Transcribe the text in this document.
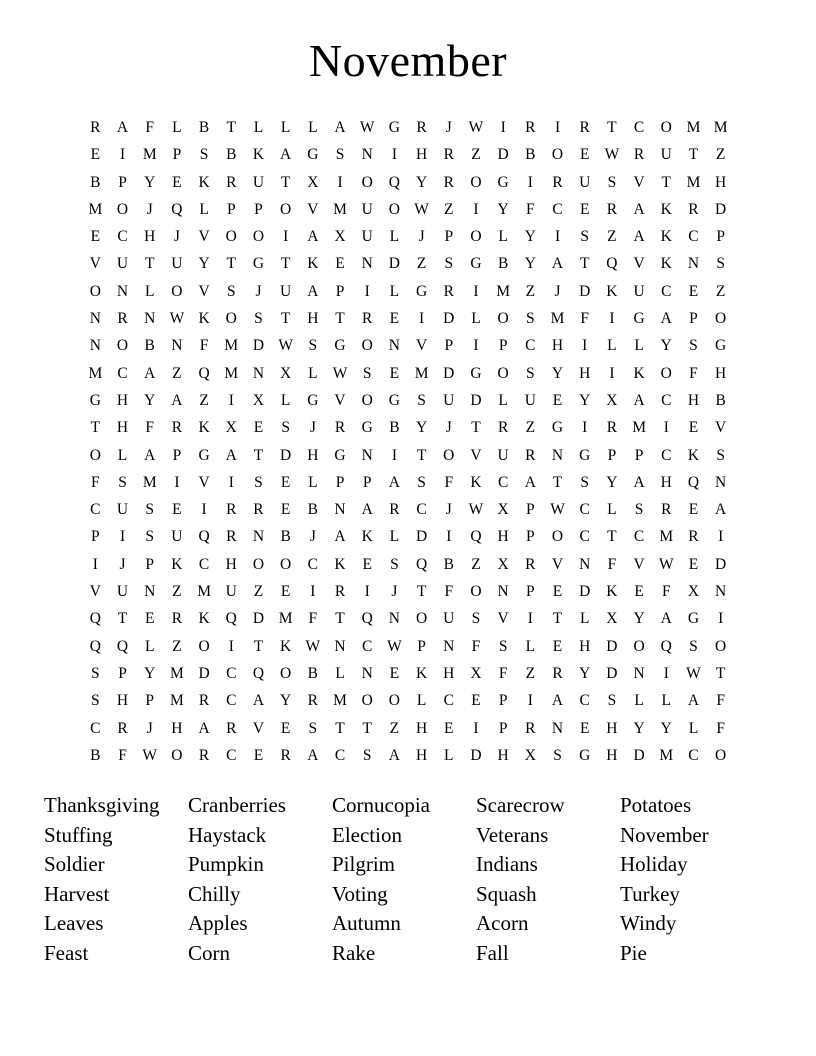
November
R	A	F	L	B	T	L	L	L	A	W	G	R	J	W	I	R	I	R	T	C	O	M	M
E	I	M	P	S	B	K	A	G	S	N	I	H	R	Z	D	B	O	E	W	R	U	T	Z
B	P	Y	E	K	R	U	T	X	I	O	Q	Y	R	O	G	I	R	U	S	V	T	M	H
M	O	J	Q	L	P	P	O	V	M	U	O	W	Z	I	Y	F	C	E	R	A	K	R	D
E	C	H	J	V	O	O	I	A	X	U	L	J	P	O	L	Y	I	S	Z	A	K	C	P
V	U	T	U	Y	T	G	T	K	E	N	D	Z	S	G	B	Y	A	T	Q	V	K	N	S
O	N	L	O	V	S	J	U	A	P	I	L	G	R	I	M	Z	J	D	K	U	C	E	Z
N	R	N	W	K	O	S	T	H	T	R	E	I	D	L	O	S	M	F	I	G	A	P	O
N	O	B	N	F	M	D	W	S	G	O	N	V	P	I	P	C	H	I	L	L	Y	S	G
M	C	A	Z	Q	M	N	X	L	W	S	E	M	D	G	O	S	Y	H	I	K	O	F	H
G	H	Y	A	Z	I	X	L	G	V	O	G	S	U	D	L	U	E	Y	X	A	C	H	B
T	H	F	R	K	X	E	S	J	R	G	B	Y	J	T	R	Z	G	I	R	M	I	E	V
O	L	A	P	G	A	T	D	H	G	N	I	T	O	V	U	R	N	G	P	P	C	K	S
F	S	M	I	V	I	S	E	L	P	P	A	S	F	K	C	A	T	S	Y	A	H	Q	N
C	U	S	E	I	R	R	E	B	N	A	R	C	J	W	X	P	W	C	L	S	R	E	A
P	I	S	U	Q	R	N	B	J	A	K	L	D	I	Q	H	P	O	C	T	C	M	R	I
I	J	P	K	C	H	O	O	C	K	E	S	Q	B	Z	X	R	V	N	F	V	W	E	D
V	U	N	Z	M	U	Z	E	I	R	I	J	T	F	O	N	P	E	D	K	E	F	X	N
Q	T	E	R	K	Q	D	M	F	T	Q	N	O	U	S	V	I	T	L	X	Y	A	G	I
Q	Q	L	Z	O	I	T	K	W	N	C	W	P	N	F	S	L	E	H	D	O	Q	S	O
S	P	Y	M	D	C	Q	O	B	L	N	E	K	H	X	F	Z	R	Y	D	N	I	W	T
S	H	P	M	R	C	A	Y	R	M	O	O	L	C	E	P	I	A	C	S	L	L	A	F
C	R	J	H	A	R	V	E	S	T	T	Z	H	E	I	P	R	N	E	H	Y	Y	L	F
B	F	W	O	R	C	E	R	A	C	S	A	H	L	D	H	X	S	G	H	D	M	C	O
Thanksgiving	Cranberries	Cornucopia	Scarecrow	Potatoes
Stuffing	Haystack	Election	Veterans	November
Soldier	Pumpkin	Pilgrim	Indians	Holiday
Harvest	Chilly	Voting	Squash	Turkey
Leaves	Apples	Autumn	Acorn	Windy
Feast	Corn	Rake	Fall	Pie
